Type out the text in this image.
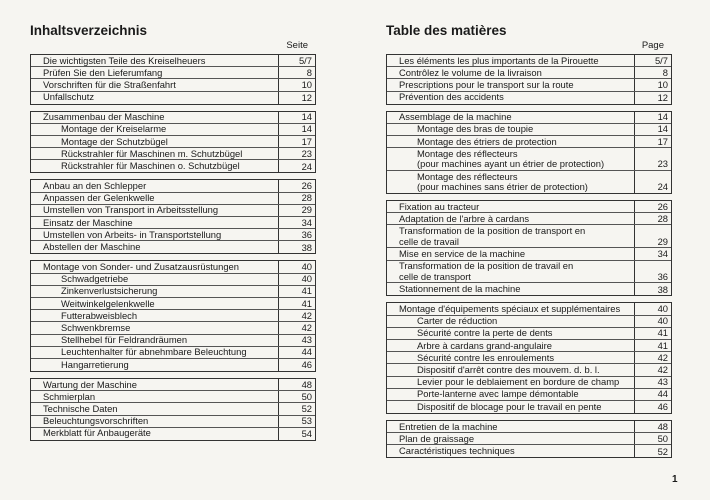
Inhaltsverzeichnis
Seite
Die wichtigsten Teile des Kreiselheuers	5/7
Prüfen Sie den Lieferumfang	8
Vorschriften für die Straßenfahrt	10
Unfallschutz	12
Zusammenbau der Maschine	14
Montage der Kreiselarme	14
Montage der Schutzbügel	17
Rückstrahler für Maschinen m. Schutzbügel	23
Rückstrahler für Maschinen o. Schutzbügel	24
Anbau an den Schlepper	26
Anpassen der Gelenkwelle	28
Umstellen von Transport in Arbeitsstellung	29
Einsatz der Maschine	34
Umstellen von Arbeits- in Transportstellung	36
Abstellen der Maschine	38
Montage von Sonder- und Zusatzausrüstungen	40
Schwadgetriebe	40
Zinkenverlustsicherung	41
Weitwinkelgelenkwelle	41
Futterabweisblech	42
Schwenkbremse	42
Stellhebel für Feldrandräumen	43
Leuchtenhalter für abnehmbare Beleuchtung	44
Hangarretierung	46
Wartung der Maschine	48
Schmierplan	50
Technische Daten	52
Beleuchtungsvorschriften	53
Merkblatt für Anbaugeräte	54
Table des matières
Page
Les éléments les plus importants de la Pirouette	5/7
Contrôlez le volume de la livraison	8
Prescriptions pour le transport sur la route	10
Prévention des accidents	12
Assemblage de la machine	14
Montage des bras de toupie	14
Montage des étriers de protection	17
Montage des réflecteurs
(pour machines ayant un étrier de protection)	23
Montage des réflecteurs
(pour machines sans étrier de protection)	24
Fixation au tracteur	26
Adaptation de l'arbre à cardans	28
Transformation de la position de transport en
celle de travail	29
Mise en service de la machine	34
Transformation de la position de travail en
celle de transport	36
Stationnement de la machine	38
Montage d'équipements spéciaux et supplémentaires	40
Carter de réduction	40
Sécurité contre la perte de dents	41
Arbre à cardans grand-angulaire	41
Sécurité contre les enroulements	42
Dispositif d'arrêt contre des mouvem. d. b. l.	42
Levier pour le deblaiement en bordure de champ	43
Porte-lanterne avec lampe démontable	44
Dispositif de blocage pour le travail en pente	46
Entretien de la machine	48
Plan de graissage	50
Caractéristiques techniques	52
1
